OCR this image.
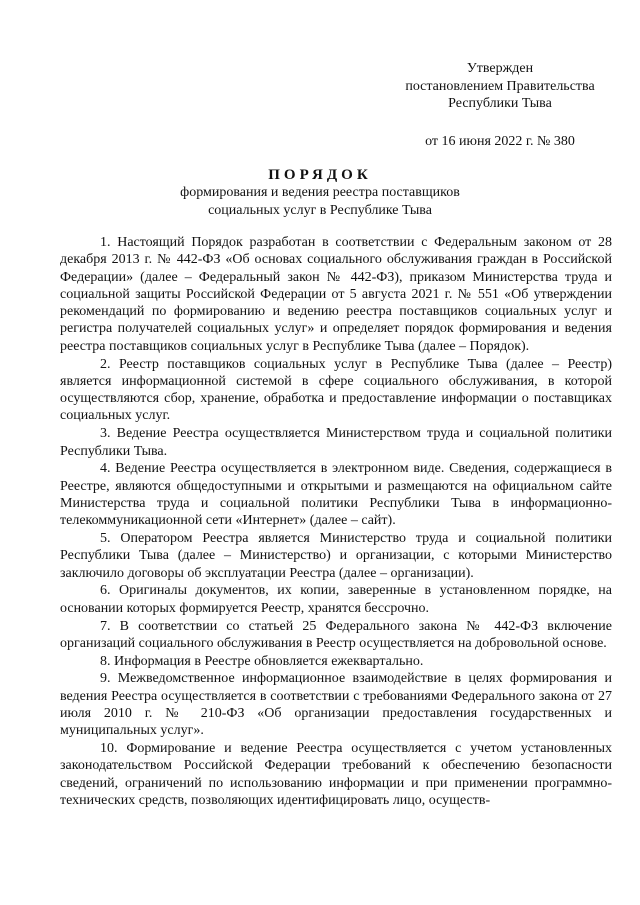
Утвержден
постановлением Правительства
Республики Тыва
от 16 июня 2022 г. № 380
ПОРЯДОК
формирования и ведения реестра поставщиков
социальных услуг в Республике Тыва

1. Настоящий Порядок разработан в соответствии с Федеральным законом от 28 декабря 2013 г. № 442-ФЗ «Об основах социального обслуживания граждан в Российской Федерации» (далее – Федеральный закон № 442-ФЗ), приказом Министерства труда и социальной защиты Российской Федерации от 5 августа 2021 г. № 551 «Об утверждении рекомендаций по формированию и ведению реестра поставщиков социальных услуг и регистра получателей социальных услуг» и определяет порядок формирования и ведения реестра поставщиков социальных услуг в Республике Тыва (далее – Порядок).

2. Реестр поставщиков социальных услуг в Республике Тыва (далее – Реестр) является информационной системой в сфере социального обслуживания, в которой осуществляются сбор, хранение, обработка и предоставление информации о поставщиках социальных услуг.

3. Ведение Реестра осуществляется Министерством труда и социальной политики Республики Тыва.

4. Ведение Реестра осуществляется в электронном виде. Сведения, содержащиеся в Реестре, являются общедоступными и открытыми и размещаются на официальном сайте Министерства труда и социальной политики Республики Тыва в информационно-телекоммуникационной сети «Интернет» (далее – сайт).

5. Оператором Реестра является Министерство труда и социальной политики Республики Тыва (далее – Министерство) и организации, с которыми Министерство заключило договоры об эксплуатации Реестра (далее – организации).

6. Оригиналы документов, их копии, заверенные в установленном порядке, на основании которых формируется Реестр, хранятся бессрочно.

7. В соответствии со статьей 25 Федерального закона № 442-ФЗ включение организаций социального обслуживания в Реестр осуществляется на добровольной основе.

8. Информация в Реестре обновляется ежеквартально.

9. Межведомственное информационное взаимодействие в целях формирования и ведения Реестра осуществляется в соответствии с требованиями Федерального закона от 27 июля 2010 г. № 210-ФЗ «Об организации предоставления государственных и муниципальных услуг».

10. Формирование и ведение Реестра осуществляется с учетом установленных законодательством Российской Федерации требований к обеспечению безопасности сведений, ограничений по использованию информации и при применении программно-технических средств, позволяющих идентифицировать лицо, осуществ-
